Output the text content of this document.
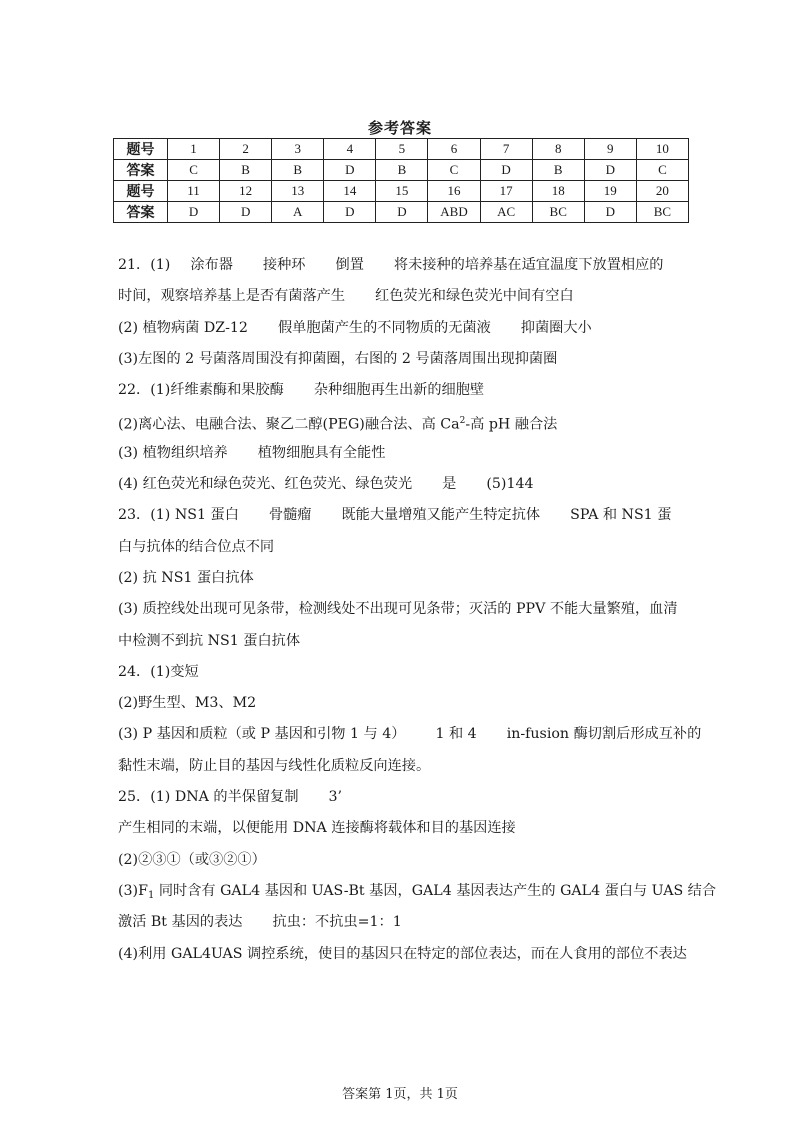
参考答案
题号	1	2	3	4	5	6	7	8	9	10
答案	C	B	B	D	B	C	D	B	D	C
题号	11	12	13	14	15	16	17	18	19	20
答案	D	D	A	D	D	ABD	AC	BC	D	BC
21．(1) 涂布器 接种环 倒置 将未接种的培养基在适宜温度下放置相应的
时间，观察培养基上是否有菌落产生 红色荧光和绿色荧光中间有空白
(2) 植物病菌 DZ-12 假单胞菌产生的不同物质的无菌液 抑菌圈大小
(3)左图的 2 号菌落周围没有抑菌圈，右图的 2 号菌落周围出现抑菌圈
22．(1)纤维素酶和果胶酶 杂种细胞再生出新的细胞壁
(2)离心法、电融合法、聚乙二醇(PEG)融合法、高 Ca$^2$-高 pH 融合法
(3) 植物组织培养 植物细胞具有全能性
(4) 红色荧光和绿色荧光、红色荧光、绿色荧光 是 (5)144
23．(1) NS1 蛋白 骨髓瘤 既能大量增殖又能产生特定抗体 SPA 和 NS1 蛋
白与抗体的结合位点不同
(2) 抗 NS1 蛋白抗体
(3) 质控线处出现可见条带，检测线处不出现可见条带；灭活的 PPV 不能大量繁殖，血清
中检测不到抗 NS1 蛋白抗体
24．(1)变短
(2)野生型、M3、M2
(3) P 基因和质粒（或 P 基因和引物 1 与 4） 1 和 4 in-fusion 酶切割后形成互补的
黏性末端，防止目的基因与线性化质粒反向连接。
25．(1) DNA 的半保留复制 3’
产生相同的末端，以便能用 DNA 连接酶将载体和目的基因连接
(2)②③①（或③②①）
$(3)F_1$ 同时含有 GAL4 基因和 UAS-Bt 基因，GAL4 基因表达产生的 GAL4 蛋白与 UAS 结合
激活 Bt 基因的表达 抗虫：不抗虫=1：1
(4)利用 GAL4UAS 调控系统，使目的基因只在特定的部位表达，而在人食用的部位不表达
答案第 1页，共 1页
